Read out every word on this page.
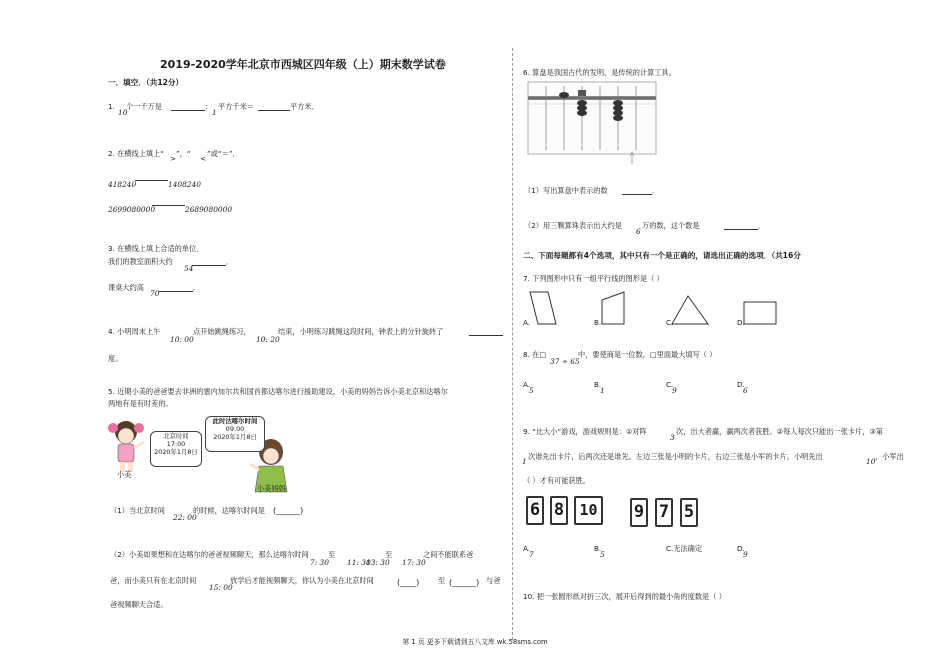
2019-2020学年北京市西城区四年级（上）期末数学试卷
一．填空．（共12分）
1.
10
个一千万是	；
1
平方千米＝	平方米．
2. 在横线上填上“
>
”，“
<
”或“＝”．
418240	1408240
2699080000	2689080000
3. 在横线上填上合适的单位．
我们的教室面积大约
54
．
课桌大约高
70
．
4. 小明周末上午
10: 00
点开始跳绳练习，
10: 20
结束，小明练习跳绳这段时间，钟表上的分针旋转了
度。
5. 近期小美的爸爸要去非洲的塞内加尔共和国首都达喀尔进行援助建设，小美的妈妈告诉小美北京和达喀尔
两地有是有时差的。
北京时间
17:00
2020年1月8日
此时达喀尔时间
09:00
2020年1月8日
小美
小美妈妈
（1）当北京时间
22: 00
的时候，达喀尔时间是 (______)
（2）小美如果想和在达喀尔的爸爸视频聊天，那么达喀尔时间
7: 30
至
11: 30
13: 30
至
17: 30
之间不能联系爸
爸，而小美只有在北京时间
15: 00
放学后才能视频聊天，你认为小美在北京时间	(____)	至 (______) 与爸
爸视频聊天合适。
6. 算盘是我国古代的发明，是传统的计算工具。
（1）写出算盘中表示的数	．
（2）用三颗算珠表示出大约是
6
万的数，这个数是	．
二、下面每题都有4个选项，其中只有一个是正确的，请选出正确的选项．（共16分
7. 下列图形中只有一组平行线的图形是（ ）
A.	B.	C.	D.
8. 在□
37 ÷ 65
中，要使商是一位数，□里面最大填写（ ）
A.
5
B.
1
C.
9
D.
6
9. “比大小”游戏，游戏规则是：①对阵
3
次，出大者赢，赢两次者获胜。②每人每次只能出一张卡片，③第
1
次谁先出卡片，后两次还是谁先。左边三张是小明的卡片，右边三张是小军的卡片，小明先出
10
，小军出
（ ）才有可能获胜。
6 8	10	9 7 5
A.
7
B.
5
C.无法确定	D.
9
10. 把一张圆形纸对折三次，展开后得到的最小角的度数是（ ）
第 1 页 更多下载请到五八文库 wk.58sms.com
